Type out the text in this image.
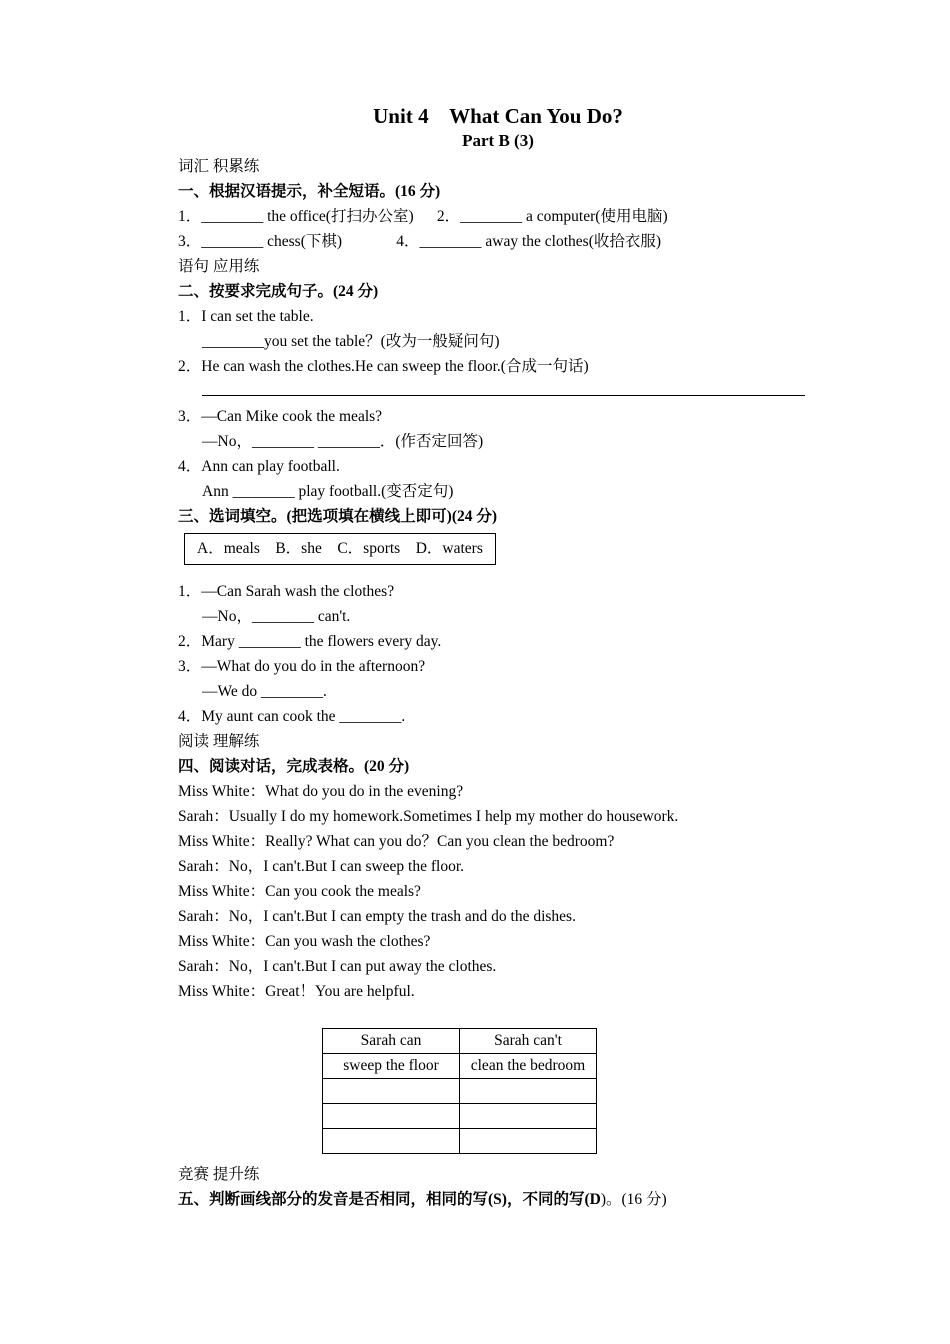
Unit 4    What Can You Do?
Part B (3)
词汇 积累练
一、根据汉语提示，补全短语。(16 分)
1．________ the office(打扫办公室)      2．________ a computer(使用电脑)
3．________ chess(下棋)              4．________ away the clothes(收拾衣服)
语句 应用练
二、按要求完成句子。(24 分)
1．I can set the table.
________you set the table？(改为一般疑问句)
2．He can wash the clothes.He can sweep the floor.(合成一句话)
3．—Can Mike cook the meals?
—No，________ ________．(作否定回答)
4．Ann can play football.
Ann ________ play football.(变否定句)
三、选词填空。(把选项填在横线上即可)(24 分)
A．meals    B．she    C．sports    D．waters
1．—Can Sarah wash the clothes?
—No，________ can't.
2．Mary ________ the flowers every day.
3．—What do you do in the afternoon?
—We do ________.
4．My aunt can cook the ________.
阅读 理解练
四、阅读对话，完成表格。(20 分)
Miss White：What do you do in the evening?
Sarah：Usually I do my homework.Sometimes I help my mother do housework.
Miss White：Really? What can you do？Can you clean the bedroom?
Sarah：No，I can't.But I can sweep the floor.
Miss White：Can you cook the meals?
Sarah：No，I can't.But I can empty the trash and do the dishes.
Miss White：Can you wash the clothes?
Sarah：No，I can't.But I can put away the clothes.
Miss White：Great！You are helpful.
Sarah can	Sarah can't
sweep the floor	clean the bedroom

竞赛 提升练
五、判断画线部分的发音是否相同，相同的写(S)，不同的写(D)。(16 分)
